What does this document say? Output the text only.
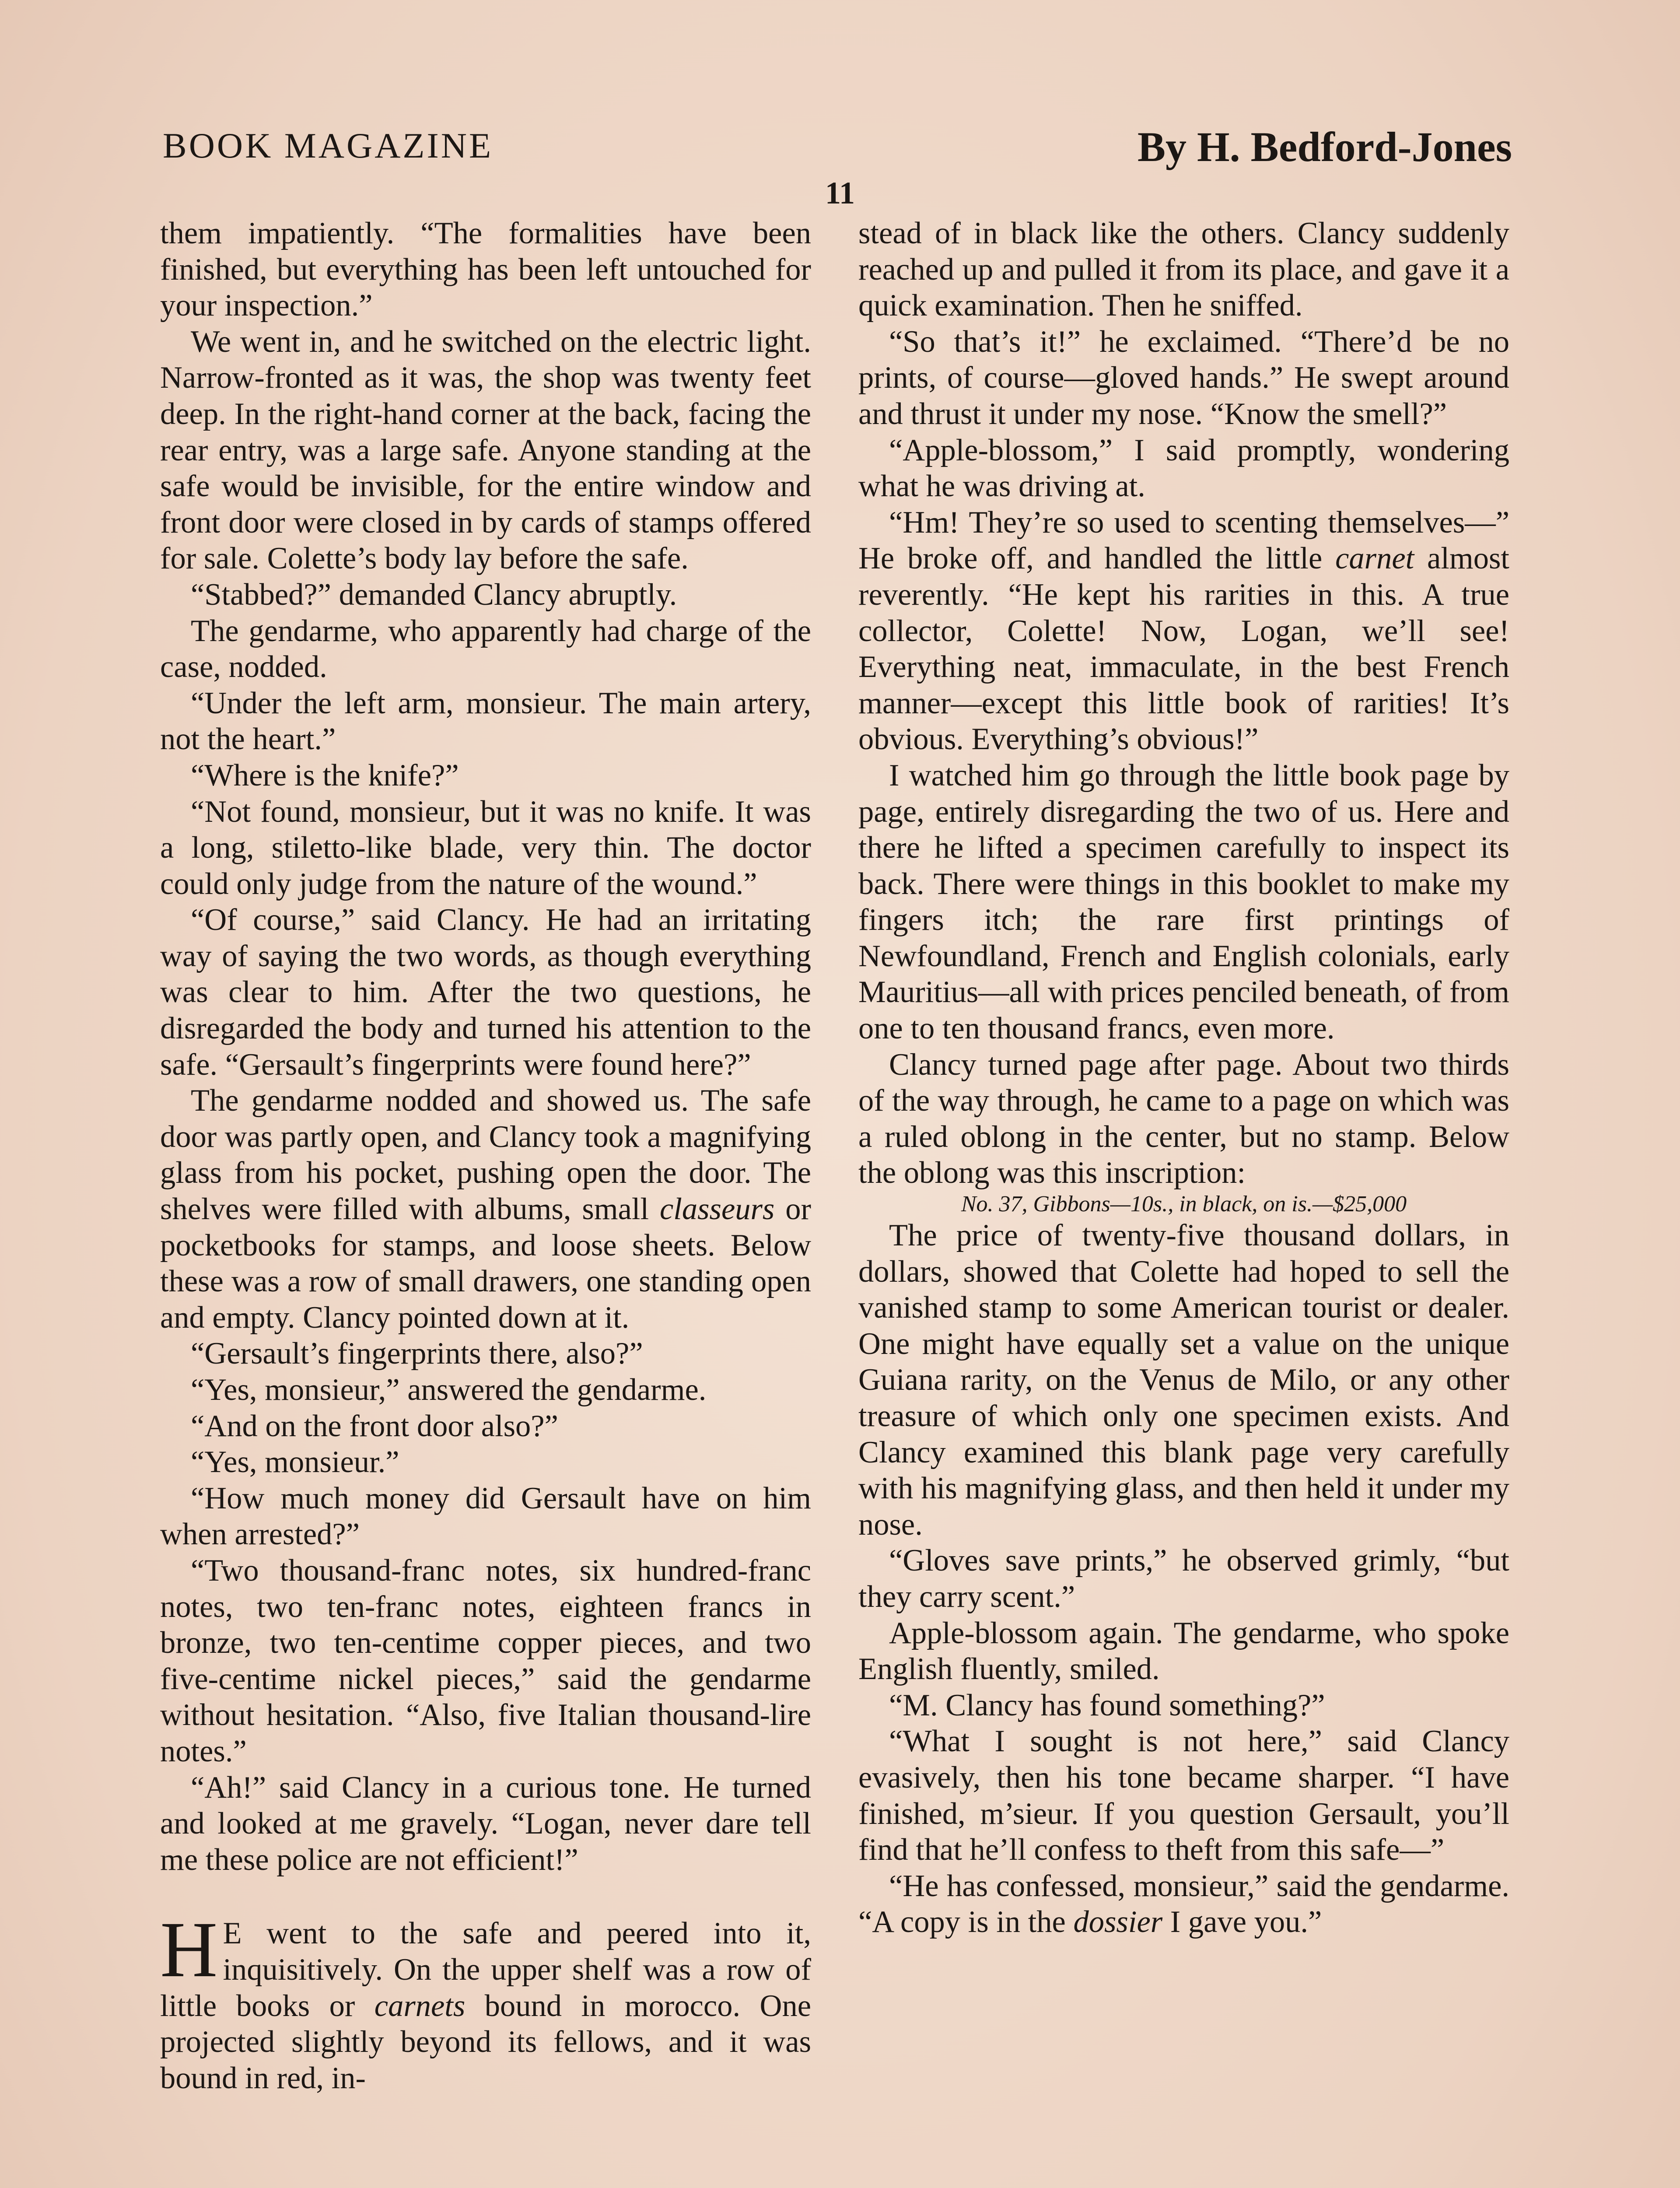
BOOK MAGAZINE	By H. Bedford-Jones
11

them impatiently. “The formalities have been finished, but everything has been left untouched for your inspection.”

We went in, and he switched on the electric light. Narrow-fronted as it was, the shop was twenty feet deep. In the right-hand corner at the back, facing the rear entry, was a large safe. Anyone standing at the safe would be invisible, for the entire window and front door were closed in by cards of stamps offered for sale. Colette’s body lay before the safe.

“Stabbed?” demanded Clancy abruptly.

The gendarme, who apparently had charge of the case, nodded.

“Under the left arm, monsieur. The main artery, not the heart.”

“Where is the knife?”

“Not found, monsieur, but it was no knife. It was a long, stiletto-like blade, very thin. The doctor could only judge from the nature of the wound.”

“Of course,” said Clancy. He had an irritating way of saying the two words, as though everything was clear to him. After the two questions, he disregarded the body and turned his attention to the safe. “Gersault’s fingerprints were found here?”

The gendarme nodded and showed us. The safe door was partly open, and Clancy took a magnifying glass from his pocket, pushing open the door. The shelves were filled with albums, small classeurs or pocketbooks for stamps, and loose sheets. Below these was a row of small drawers, one standing open and empty. Clancy pointed down at it.

“Gersault’s fingerprints there, also?”

“Yes, monsieur,” answered the gendarme.

“And on the front door also?”

“Yes, monsieur.”

“How much money did Gersault have on him when arrested?”

“Two thousand-franc notes, six hundred-franc notes, two ten-franc notes, eighteen francs in bronze, two ten-centime copper pieces, and two five-centime nickel pieces,” said the gendarme without hesitation. “Also, five Italian thousand-lire notes.”

“Ah!” said Clancy in a curious tone. He turned and looked at me gravely. “Logan, never dare tell me these police are not efficient!”

H E went to the safe and peered into it, inquisitively. On the upper shelf was a row of little books or carnets bound in morocco. One projected slightly beyond its fellows, and it was bound in red, in-

stead of in black like the others. Clancy suddenly reached up and pulled it from its place, and gave it a quick examination. Then he sniffed.

“So that’s it!” he exclaimed. “There’d be no prints, of course—gloved hands.” He swept around and thrust it under my nose. “Know the smell?”

“Apple-blossom,” I said promptly, wondering what he was driving at.

“Hm! They’re so used to scenting themselves—” He broke off, and handled the little carnet almost reverently. “He kept his rarities in this. A true collector, Colette! Now, Logan, we’ll see! Everything neat, immaculate, in the best French manner—except this little book of rarities! It’s obvious. Everything’s obvious!”

I watched him go through the little book page by page, entirely disregarding the two of us. Here and there he lifted a specimen carefully to inspect its back. There were things in this booklet to make my fingers itch; the rare first printings of Newfoundland, French and English colonials, early Mauritius—all with prices penciled beneath, of from one to ten thousand francs, even more.

Clancy turned page after page. About two thirds of the way through, he came to a page on which was a ruled oblong in the center, but no stamp. Below the oblong was this inscription:

No. 37, Gibbons—10s., in black, on is.—$25,000

The price of twenty-five thousand dollars, in dollars, showed that Colette had hoped to sell the vanished stamp to some American tourist or dealer. One might have equally set a value on the unique Guiana rarity, on the Venus de Milo, or any other treasure of which only one specimen exists. And Clancy examined this blank page very carefully with his magnifying glass, and then held it under my nose.

“Gloves save prints,” he observed grimly, “but they carry scent.”

Apple-blossom again. The gendarme, who spoke English fluently, smiled.

“M. Clancy has found something?”

“What I sought is not here,” said Clancy evasively, then his tone became sharper. “I have finished, m’sieur. If you question Gersault, you’ll find that he’ll confess to theft from this safe—”

“He has confessed, monsieur,” said the gendarme. “A copy is in the dossier I gave you.”
